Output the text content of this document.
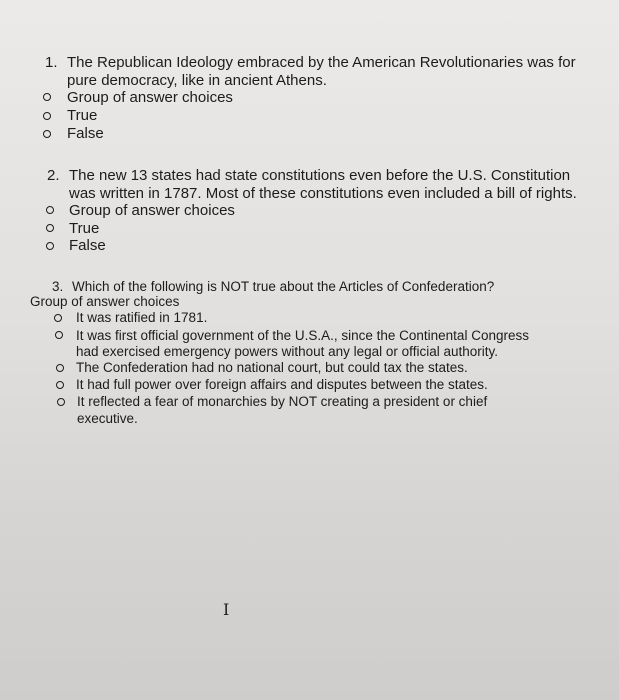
1. The Republican Ideology embraced by the American Revolutionaries was for
pure democracy, like in ancient Athens.
Group of answer choices
True
False
2. The new 13 states had state constitutions even before the U.S. Constitution
was written in 1787. Most of these constitutions even included a bill of rights.
Group of answer choices
True
False
3. Which of the following is NOT true about the Articles of Confederation?
Group of answer choices
It was ratified in 1781.
It was first official government of the U.S.A., since the Continental Congress
had exercised emergency powers without any legal or official authority.
The Confederation had no national court, but could tax the states.
It had full power over foreign affairs and disputes between the states.
It reflected a fear of monarchies by NOT creating a president or chief
executive.
I
